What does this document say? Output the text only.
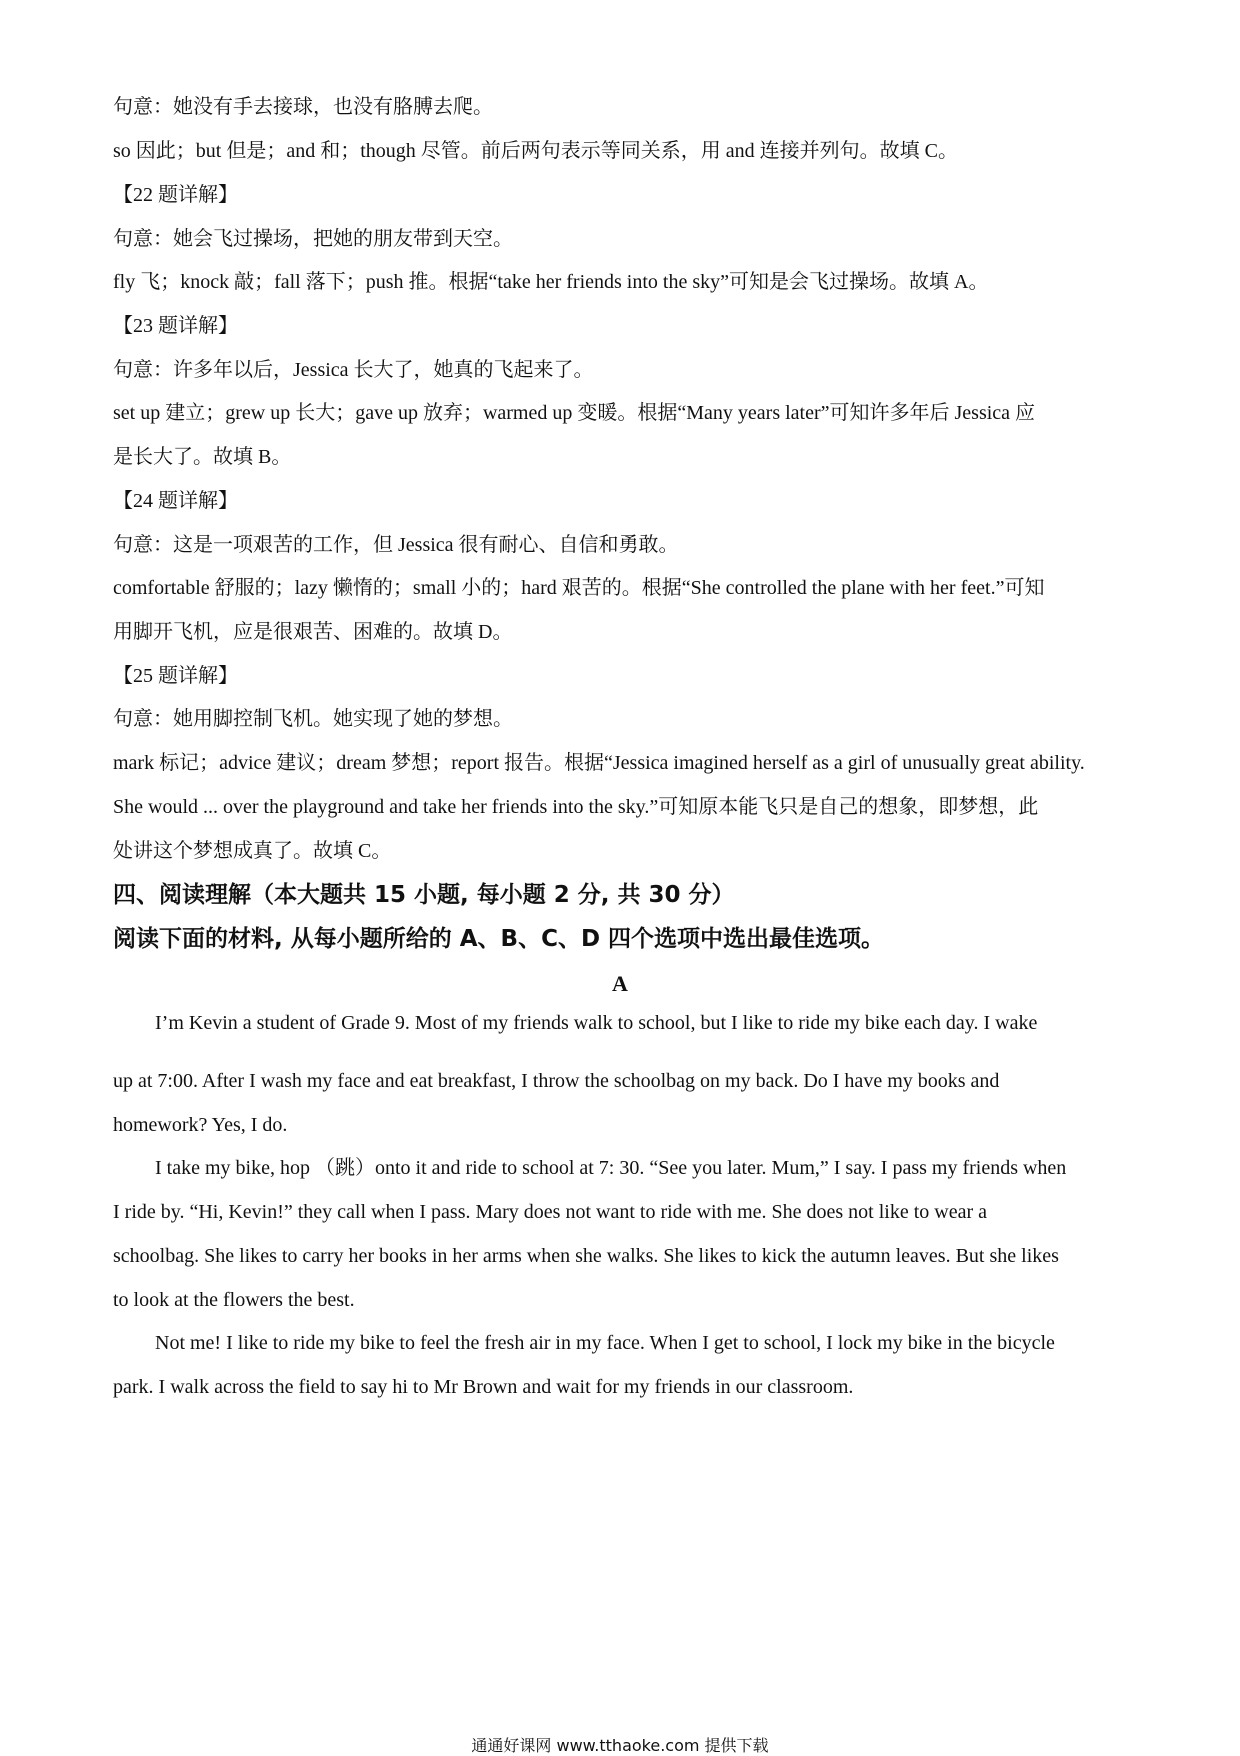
句意：她没有手去接球，也没有胳膊去爬。
so 因此；but 但是；and 和；though 尽管。前后两句表示等同关系，用 and 连接并列句。故填 C。
【22 题详解】
句意：她会飞过操场，把她的朋友带到天空。
fly 飞；knock 敲；fall 落下；push 推。根据“take her friends into the sky”可知是会飞过操场。故填 A。
【23 题详解】
句意：许多年以后，Jessica 长大了，她真的飞起来了。
set up 建立；grew up 长大；gave up 放弃；warmed up 变暖。根据“Many years later”可知许多年后 Jessica 应
是长大了。故填 B。
【24 题详解】
句意：这是一项艰苦的工作，但 Jessica 很有耐心、自信和勇敢。
comfortable 舒服的；lazy 懒惰的；small 小的；hard 艰苦的。根据“She controlled the plane with her feet.”可知
用脚开飞机，应是很艰苦、困难的。故填 D。
【25 题详解】
句意：她用脚控制飞机。她实现了她的梦想。
mark 标记；advice 建议；dream 梦想；report 报告。根据“Jessica imagined herself as a girl of unusually great ability.
She would ... over the playground and take her friends into the sky.”可知原本能飞只是自己的想象，即梦想，此
处讲这个梦想成真了。故填 C。
四、阅读理解（本大题共 15 小题, 每小题 2 分, 共 30 分）
阅读下面的材料, 从每小题所给的 A、B、C、D 四个选项中选出最佳选项。
A
I’m Kevin a student of Grade 9. Most of my friends walk to school, but I like to ride my bike each day. I wake
up at 7:00. After I wash my face and eat breakfast, I throw the schoolbag on my back. Do I have my books and
homework? Yes, I do.
I take my bike, hop （跳）onto it and ride to school at 7: 30. “See you later. Mum,” I say. I pass my friends when
I ride by. “Hi, Kevin!” they call when I pass. Mary does not want to ride with me. She does not like to wear a
schoolbag. She likes to carry her books in her arms when she walks. She likes to kick the autumn leaves. But she likes
to look at the flowers the best.
Not me! I like to ride my bike to feel the fresh air in my face. When I get to school, I lock my bike in the bicycle
park. I walk across the field to say hi to Mr Brown and wait for my friends in our classroom.
通通好课网 www.tthaoke.com 提供下载
